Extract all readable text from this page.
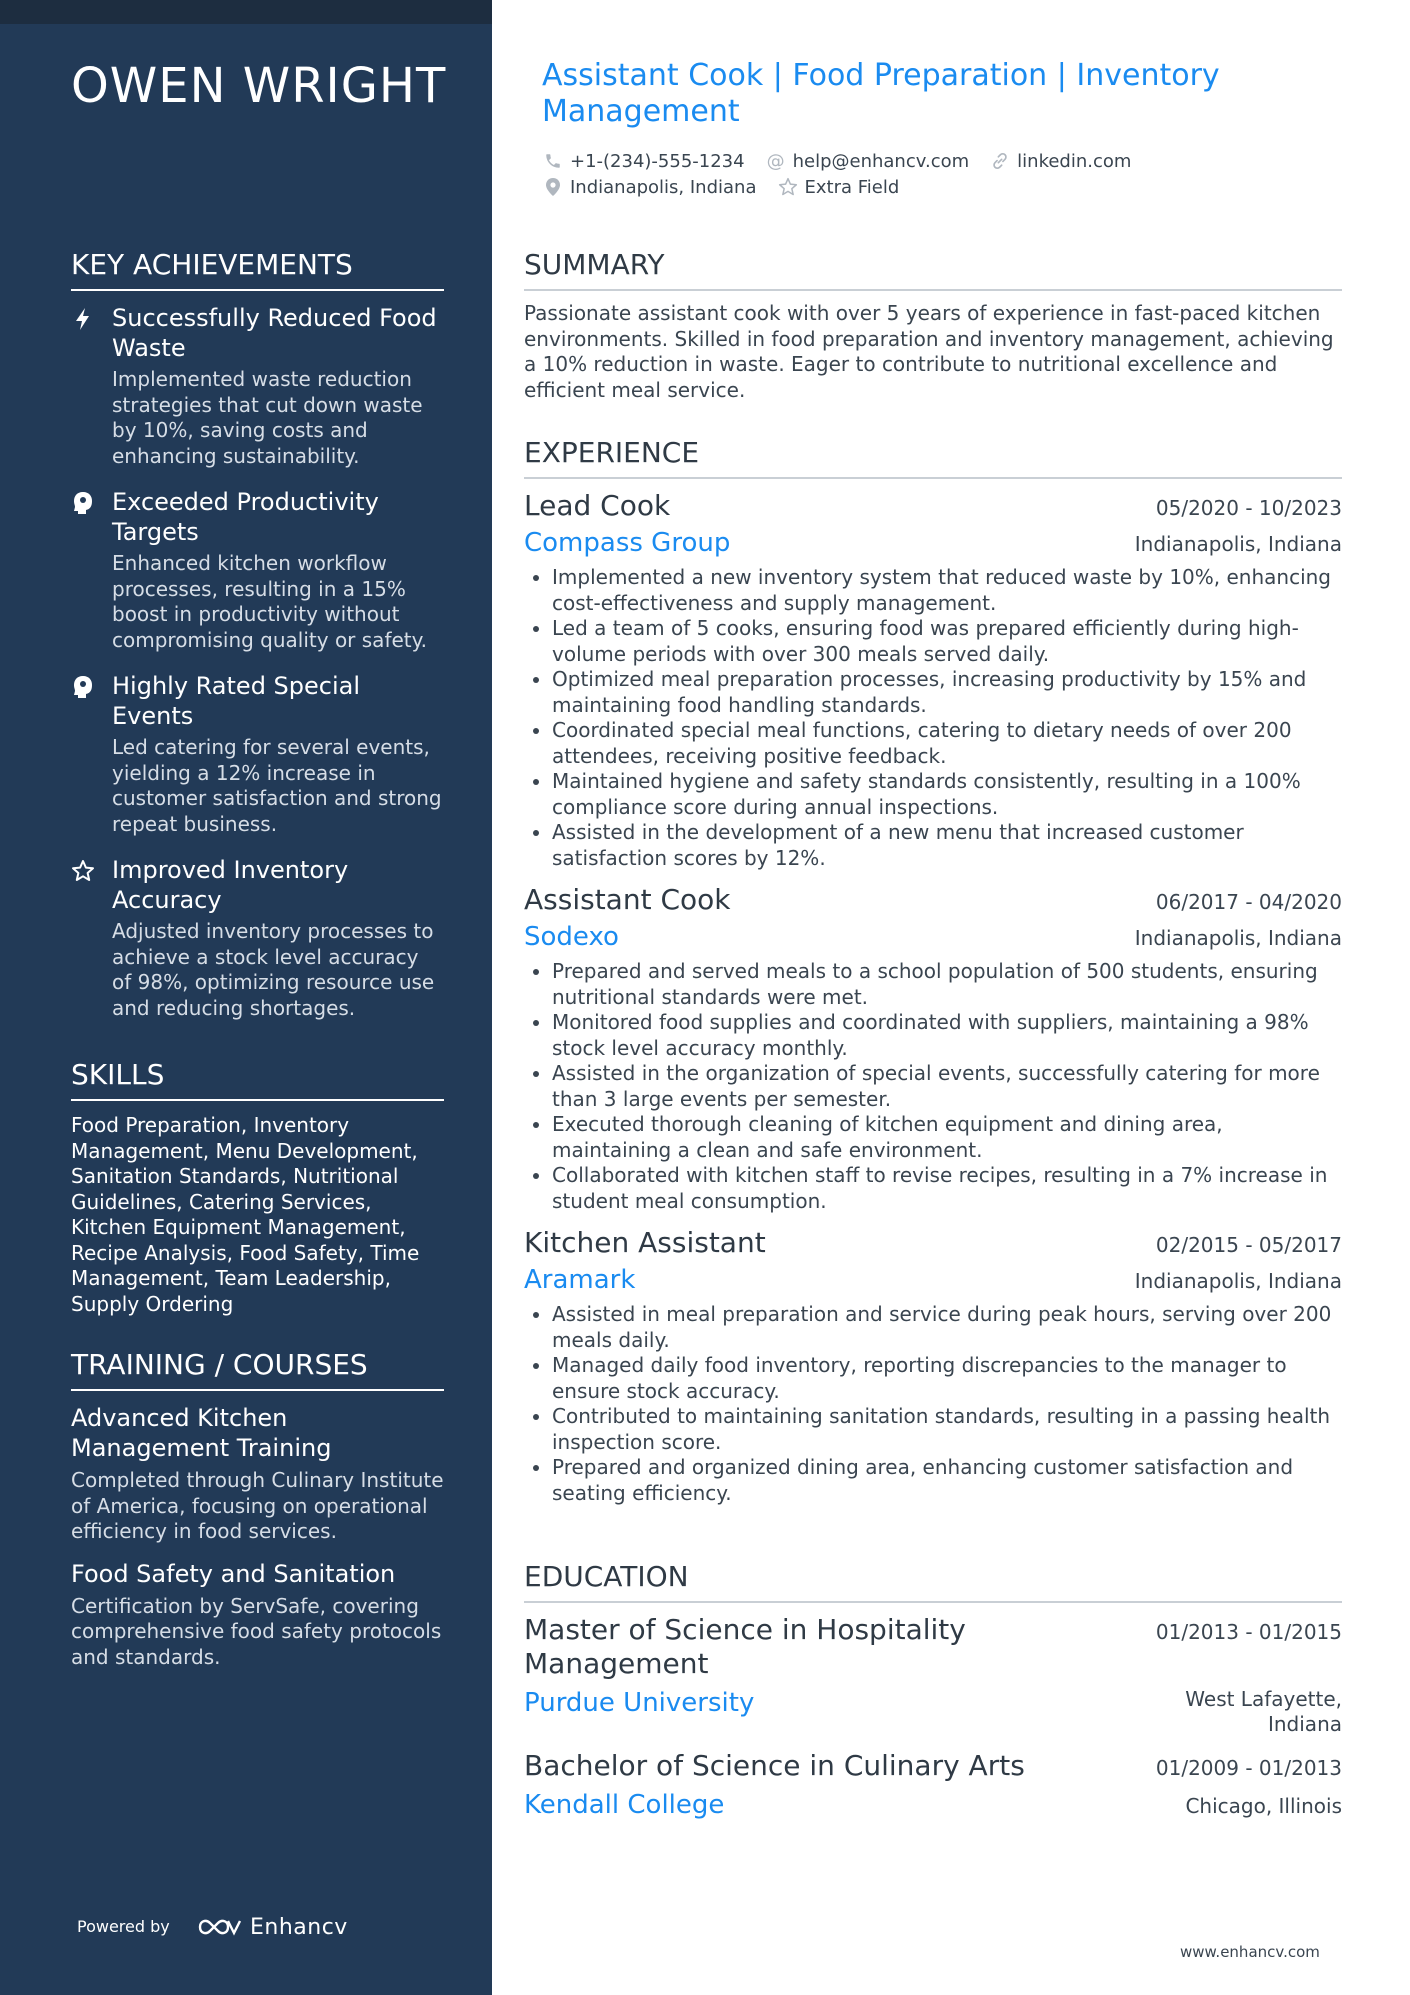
OWEN WRIGHT
KEY ACHIEVEMENTS
Successfully Reduced Food Waste
Implemented waste reduction strategies that cut down waste by 10%, saving costs and enhancing sustainability.
Exceeded Productivity Targets
Enhanced kitchen workflow processes, resulting in a 15% boost in productivity without compromising quality or safety.
Highly Rated Special Events
Led catering for several events, yielding a 12% increase in customer satisfaction and strong repeat business.
Improved Inventory Accuracy
Adjusted inventory processes to achieve a stock level accuracy of 98%, optimizing resource use and reducing shortages.
SKILLS
Food Preparation, Inventory Management, Menu Development, Sanitation Standards, Nutritional Guidelines, Catering Services, Kitchen Equipment Management, Recipe Analysis, Food Safety, Time Management, Team Leadership, Supply Ordering
TRAINING / COURSES
Advanced Kitchen Management Training
Completed through Culinary Institute of America, focusing on operational efficiency in food services.
Food Safety and Sanitation
Certification by ServSafe, covering comprehensive food safety protocols and standards.
Powered by	Enhancv
Assistant Cook | Food Preparation | Inventory Management
+1-(234)-555-1234 @ help@enhancv.com	linkedin.com
Indianapolis, Indiana	Extra Field
SUMMARY
Passionate assistant cook with over 5 years of experience in fast-paced kitchen environments. Skilled in food preparation and inventory management, achieving a 10% reduction in waste. Eager to contribute to nutritional excellence and efficient meal service.
EXPERIENCE
Lead Cook	05/2020 - 10/2023
Compass Group	Indianapolis, Indiana
• Implemented a new inventory system that reduced waste by 10%, enhancing cost-effectiveness and supply management.
• Led a team of 5 cooks, ensuring food was prepared efficiently during high-volume periods with over 300 meals served daily.
• Optimized meal preparation processes, increasing productivity by 15% and maintaining food handling standards.
• Coordinated special meal functions, catering to dietary needs of over 200 attendees, receiving positive feedback.
• Maintained hygiene and safety standards consistently, resulting in a 100% compliance score during annual inspections.
• Assisted in the development of a new menu that increased customer satisfaction scores by 12%.
Assistant Cook	06/2017 - 04/2020
Sodexo	Indianapolis, Indiana
• Prepared and served meals to a school population of 500 students, ensuring nutritional standards were met.
• Monitored food supplies and coordinated with suppliers, maintaining a 98% stock level accuracy monthly.
• Assisted in the organization of special events, successfully catering for more than 3 large events per semester.
• Executed thorough cleaning of kitchen equipment and dining area, maintaining a clean and safe environment.
• Collaborated with kitchen staff to revise recipes, resulting in a 7% increase in student meal consumption.
Kitchen Assistant	02/2015 - 05/2017
Aramark	Indianapolis, Indiana
• Assisted in meal preparation and service during peak hours, serving over 200 meals daily.
• Managed daily food inventory, reporting discrepancies to the manager to ensure stock accuracy.
• Contributed to maintaining sanitation standards, resulting in a passing health inspection score.
• Prepared and organized dining area, enhancing customer satisfaction and seating efficiency.
EDUCATION
Master of Science in Hospitality Management
01/2013 - 01/2015
Purdue University	West Lafayette, Indiana
Bachelor of Science in Culinary Arts	01/2009 - 01/2013
Kendall College	Chicago, Illinois
www.enhancv.com
